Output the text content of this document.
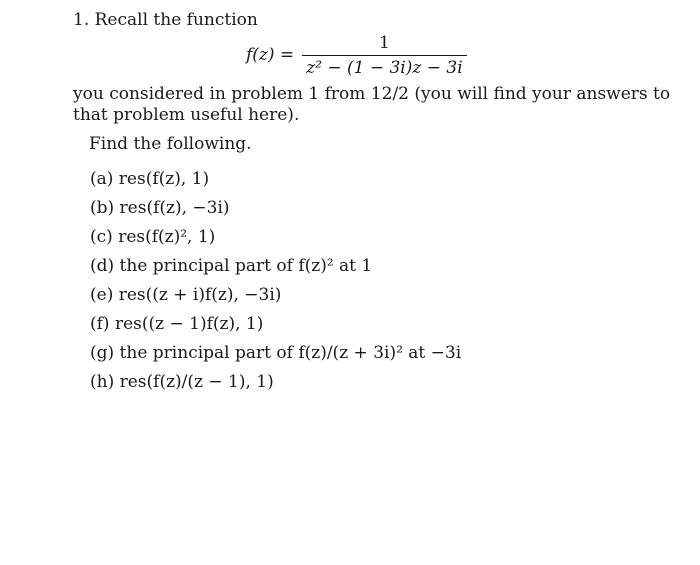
1. Recall the function
$f(z) = \frac{1}{\text{z² − (1 − 3i)z − 3i}}$
you considered in problem 1 from 12/2 (you will find your answers to
that problem useful here).
Find the following.
(a) res(f(z), 1)
(b) res(f(z), −3i)
(c) res(f(z)², 1)
(d) the principal part of f(z)² at 1
(e) res((z + i)f(z), −3i)
(f) res((z − 1)f(z), 1)
(g) the principal part of f(z)/(z + 3i)² at −3i
(h) res(f(z)/(z − 1), 1)
